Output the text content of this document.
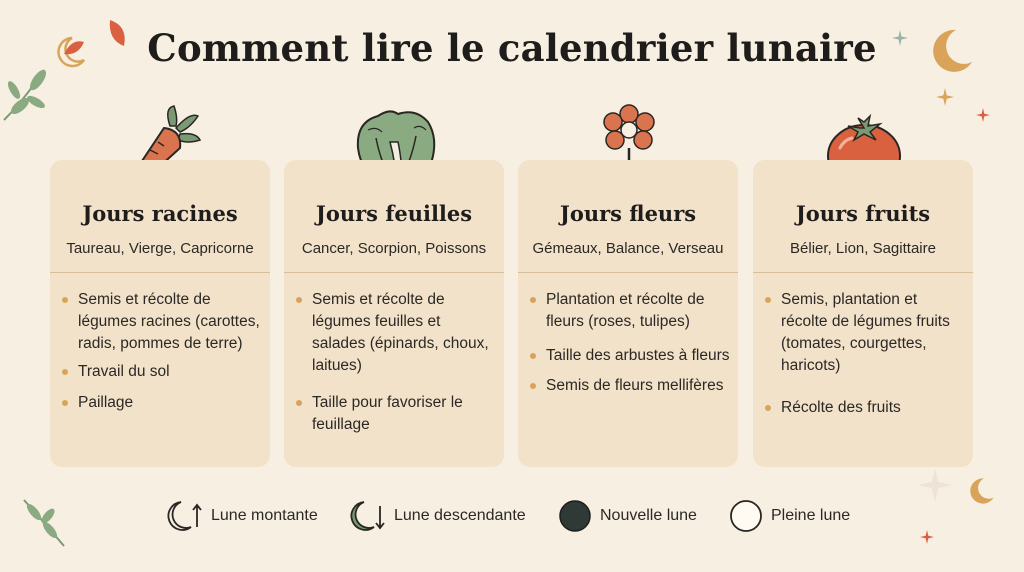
Comment lire le calendrier lunaire
Jours racines
Taureau, Vierge, Capricorne
Semis et récolte de légumes racines (carottes, radis, pommes de terre)
Travail du sol
Paillage
Jours feuilles
Cancer, Scorpion, Poissons
Semis et récolte de légumes feuilles et salades (épinards, choux, laitues)
Taille pour favoriser le feuillage
Jours fleurs
Gémeaux, Balance, Verseau
Plantation et récolte de fleurs (roses, tulipes)
Taille des arbustes à fleurs
Semis de fleurs mellifères
Jours fruits
Bélier, Lion, Sagittaire
Semis, plantation et récolte de légumes fruits (tomates, courgettes, haricots)
Récolte des fruits
Lune montante	Lune descendante	Nouvelle lune	Pleine lune
